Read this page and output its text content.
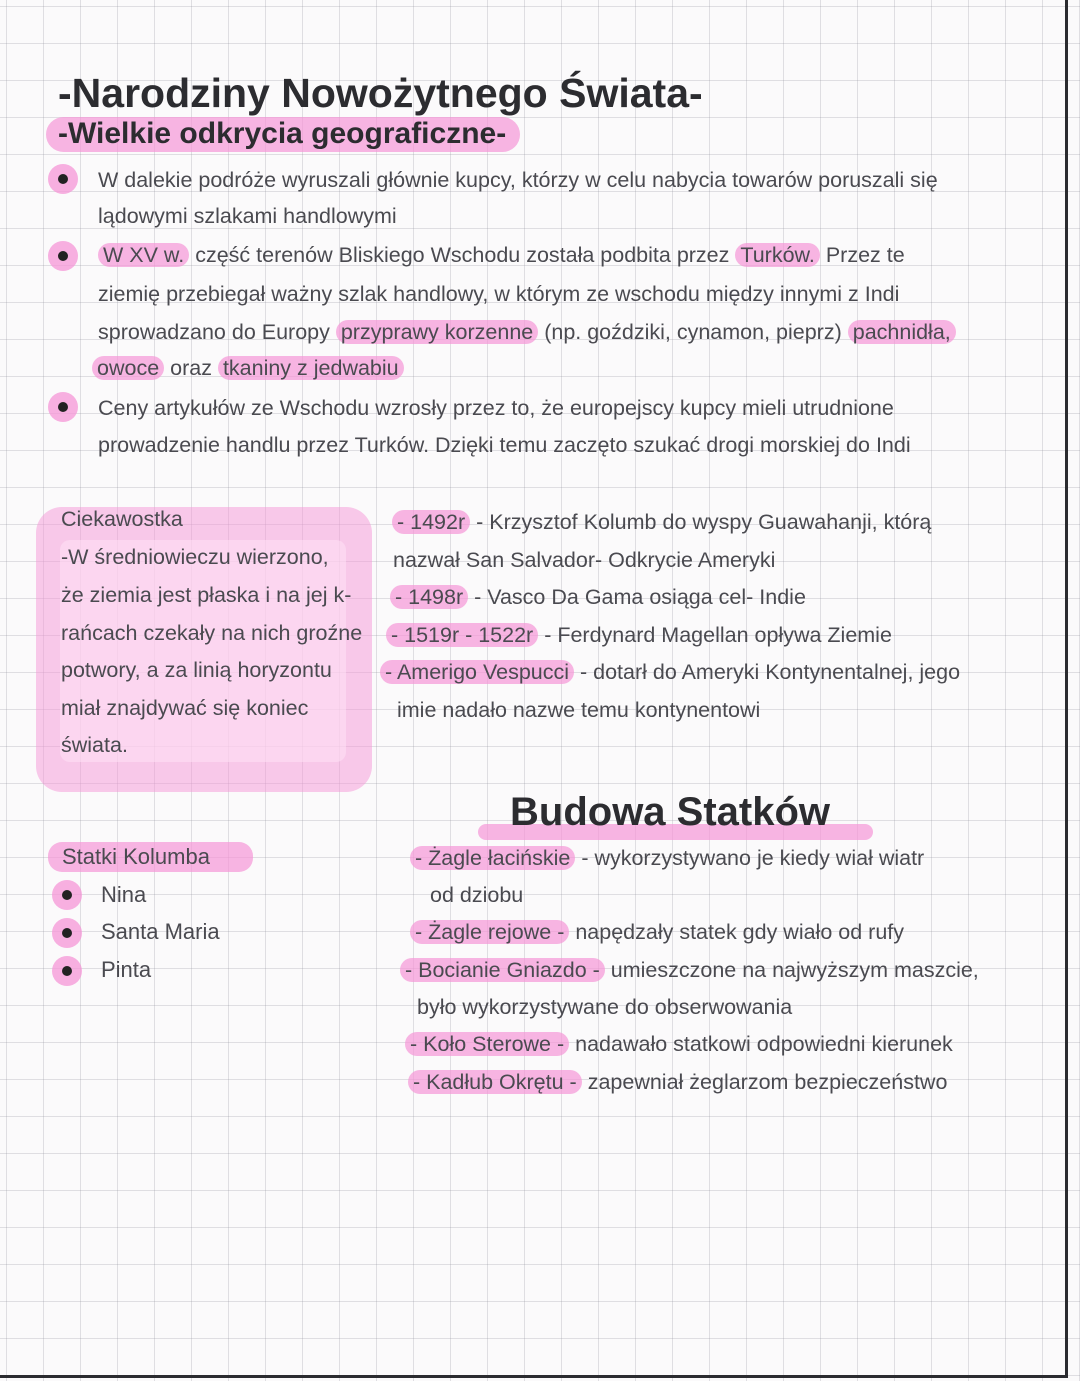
-Narodziny Nowożytnego Świata-
-Wielkie odkrycia geograficzne-
W dalekie podróże wyruszali głównie kupcy, którzy w celu nabycia towarów poruszali się
lądowymi szlakami handlowymi
W XV w. część terenów Bliskiego Wschodu została podbita przez Turków. Przez te
ziemię przebiegał ważny szlak handlowy, w którym ze wschodu między innymi z Indi
sprowadzano do Europy przyprawy korzenne (np. goździki, cynamon, pieprz) pachnidła,
owoce oraz tkaniny z jedwabiu
Ceny artykułów ze Wschodu wzrosły przez to, że europejscy kupcy mieli utrudnione
prowadzenie handlu przez Turków. Dzięki temu zaczęto szukać drogi morskiej do Indi
Ciekawostka
-W średniowieczu wierzono,
że ziemia jest płaska i na jej k-
rańcach czekały na nich groźne
potwory, a za linią horyzontu
miał znajdywać się koniec
świata.
- 1492r - Krzysztof Kolumb do wyspy Guawahanji, którą
nazwał San Salvador- Odkrycie Ameryki
- 1498r - Vasco Da Gama osiąga cel- Indie
- 1519r - 1522r - Ferdynard Magellan opływa Ziemie
- Amerigo Vespucci - dotarł do Ameryki Kontynentalnej, jego
imie nadało nazwe temu kontynentowi
Budowa Statków
Statki Kolumba
Nina
Santa Maria
Pinta
- Żagle łacińskie - wykorzystywano je kiedy wiał wiatr
od dziobu
- Żagle rejowe - napędzały statek gdy wiało od rufy
- Bocianie Gniazdo - umieszczone na najwyższym maszcie,
było wykorzystywane do obserwowania
- Koło Sterowe - nadawało statkowi odpowiedni kierunek
- Kadłub Okrętu - zapewniał żeglarzom bezpieczeństwo
